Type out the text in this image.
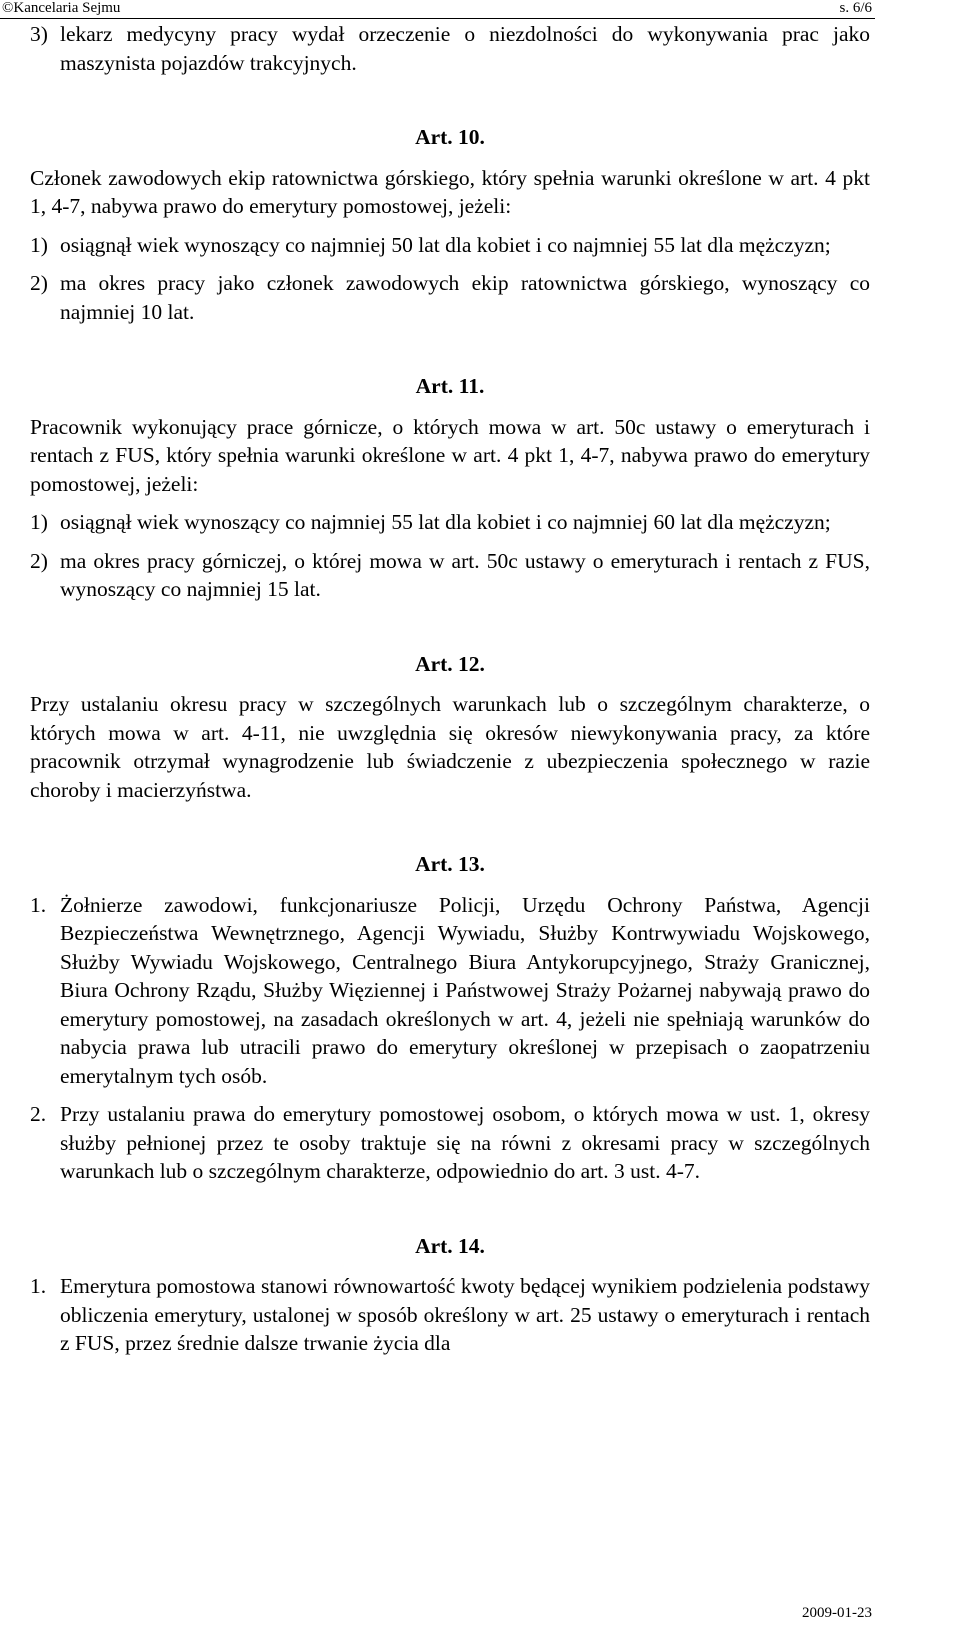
©Kancelaria Sejmu	s. 6/6
3) lekarz medycyny pracy wydał orzeczenie o niezdolności do wykonywania prac jako maszynista pojazdów trakcyjnych.

Art. 10.

Członek zawodowych ekip ratownictwa górskiego, który spełnia warunki określone w art. 4 pkt 1, 4-7, nabywa prawo do emerytury pomostowej, jeżeli:

1) osiągnął wiek wynoszący co najmniej 50 lat dla kobiet i co najmniej 55 lat dla mężczyzn;
2) ma okres pracy jako członek zawodowych ekip ratownictwa górskiego, wynoszący co najmniej 10 lat.

Art. 11.

Pracownik wykonujący prace górnicze, o których mowa w art. 50c ustawy o emeryturach i rentach z FUS, który spełnia warunki określone w art. 4 pkt 1, 4-7, nabywa prawo do emerytury pomostowej, jeżeli:

1) osiągnął wiek wynoszący co najmniej 55 lat dla kobiet i co najmniej 60 lat dla mężczyzn;
2) ma okres pracy górniczej, o której mowa w art. 50c ustawy o emeryturach i rentach z FUS, wynoszący co najmniej 15 lat.

Art. 12.

Przy ustalaniu okresu pracy w szczególnych warunkach lub o szczególnym charakterze, o których mowa w art. 4-11, nie uwzględnia się okresów niewykonywania pracy, za które pracownik otrzymał wynagrodzenie lub świadczenie z ubezpieczenia społecznego w razie choroby i macierzyństwa.

Art. 13.

1. Żołnierze zawodowi, funkcjonariusze Policji, Urzędu Ochrony Państwa, Agencji Bezpieczeństwa Wewnętrznego, Agencji Wywiadu, Służby Kontrwywiadu Wojskowego, Służby Wywiadu Wojskowego, Centralnego Biura Antykorupcyjnego, Straży Granicznej, Biura Ochrony Rządu, Służby Więziennej i Państwowej Straży Pożarnej nabywają prawo do emerytury pomostowej, na zasadach określonych w art. 4, jeżeli nie spełniają warunków do nabycia prawa lub utracili prawo do emerytury określonej w przepisach o zaopatrzeniu emerytalnym tych osób.
2. Przy ustalaniu prawa do emerytury pomostowej osobom, o których mowa w ust. 1, okresy służby pełnionej przez te osoby traktuje się na równi z okresami pracy w szczególnych warunkach lub o szczególnym charakterze, odpowiednio do art. 3 ust. 4-7.

Art. 14.

1. Emerytura pomostowa stanowi równowartość kwoty będącej wynikiem podzielenia podstawy obliczenia emerytury, ustalonej w sposób określony w art. 25 ustawy o emeryturach i rentach z FUS, przez średnie dalsze trwanie życia dla
2009-01-23
